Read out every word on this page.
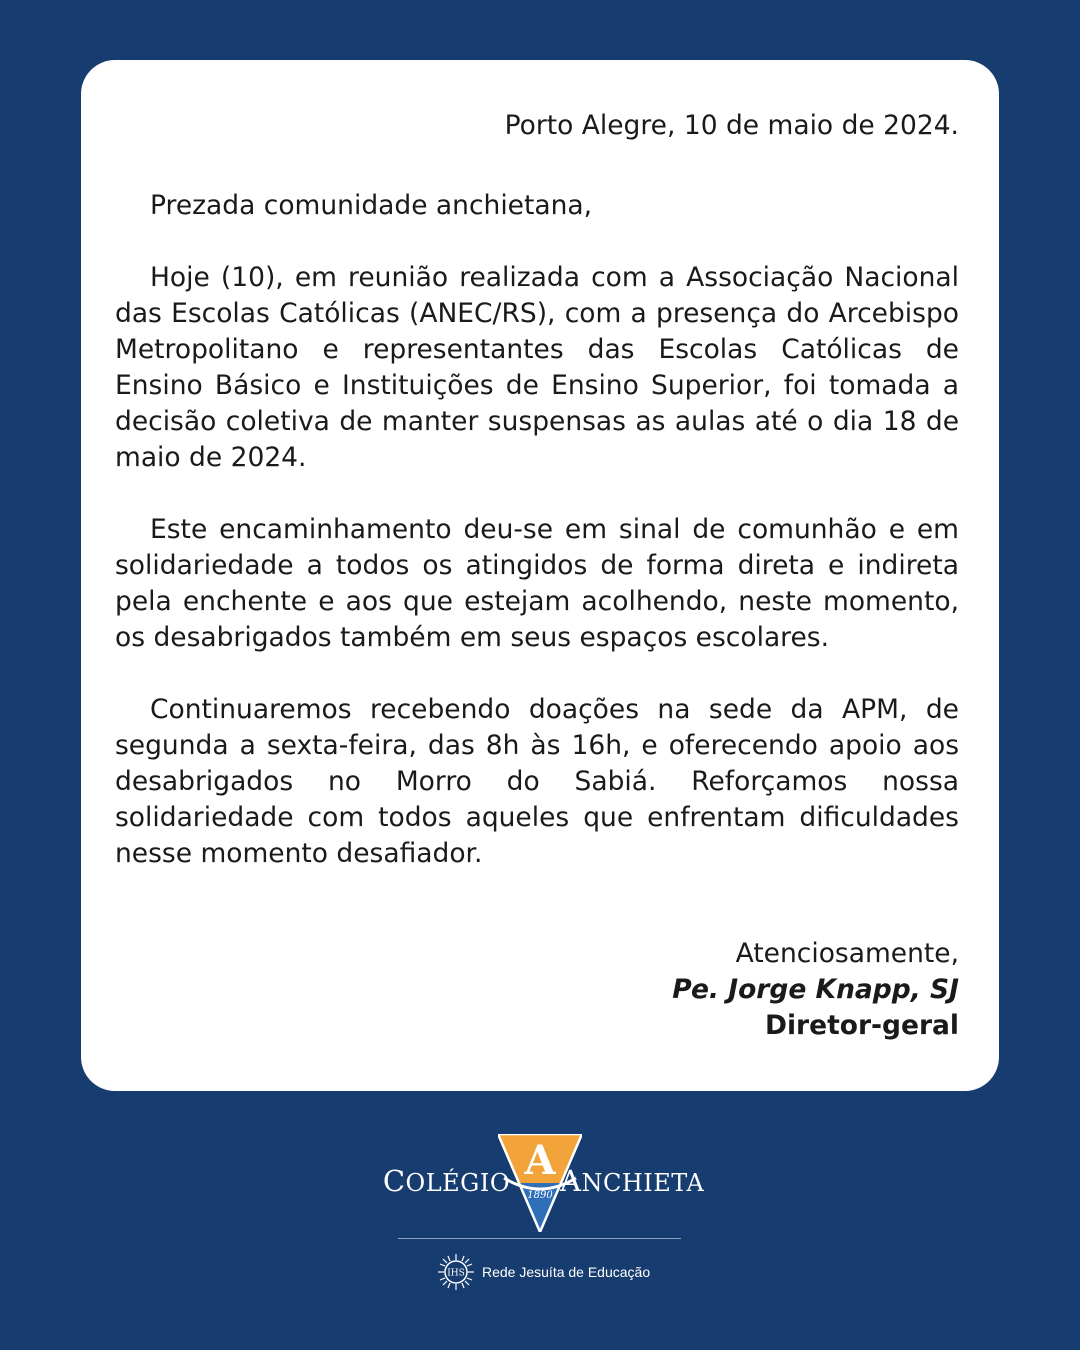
Porto Alegre, 10 de maio de 2024.

Prezada comunidade anchietana,

Hoje (10), em reunião realizada com a Associação Nacional das Escolas Católicas (ANEC/RS), com a presença do Arcebispo Metropolitano e representantes das Escolas Católicas de Ensino Básico e Instituições de Ensino Superior, foi tomada a decisão coletiva de manter suspensas as aulas até o dia 18 de maio de 2024.

Este encaminhamento deu-se em sinal de comunhão e em solidariedade a todos os atingidos de forma direta e indireta pela enchente e aos que estejam acolhendo, neste momento, os desabrigados também em seus espaços escolares.

Continuaremos recebendo doações na sede da APM, de segunda a sexta-feira, das 8h às 16h, e oferecendo apoio aos desabrigados no Morro do Sabiá. Reforçamos nossa solidariedade com todos aqueles que enfrentam dificuldades nesse momento desafiador.

Atenciosamente,
Pe. Jorge Knapp, SJ
Diretor-geral
COLÉGIO A
1890 ANCHIETA
IHS Rede Jesuíta de Educação
